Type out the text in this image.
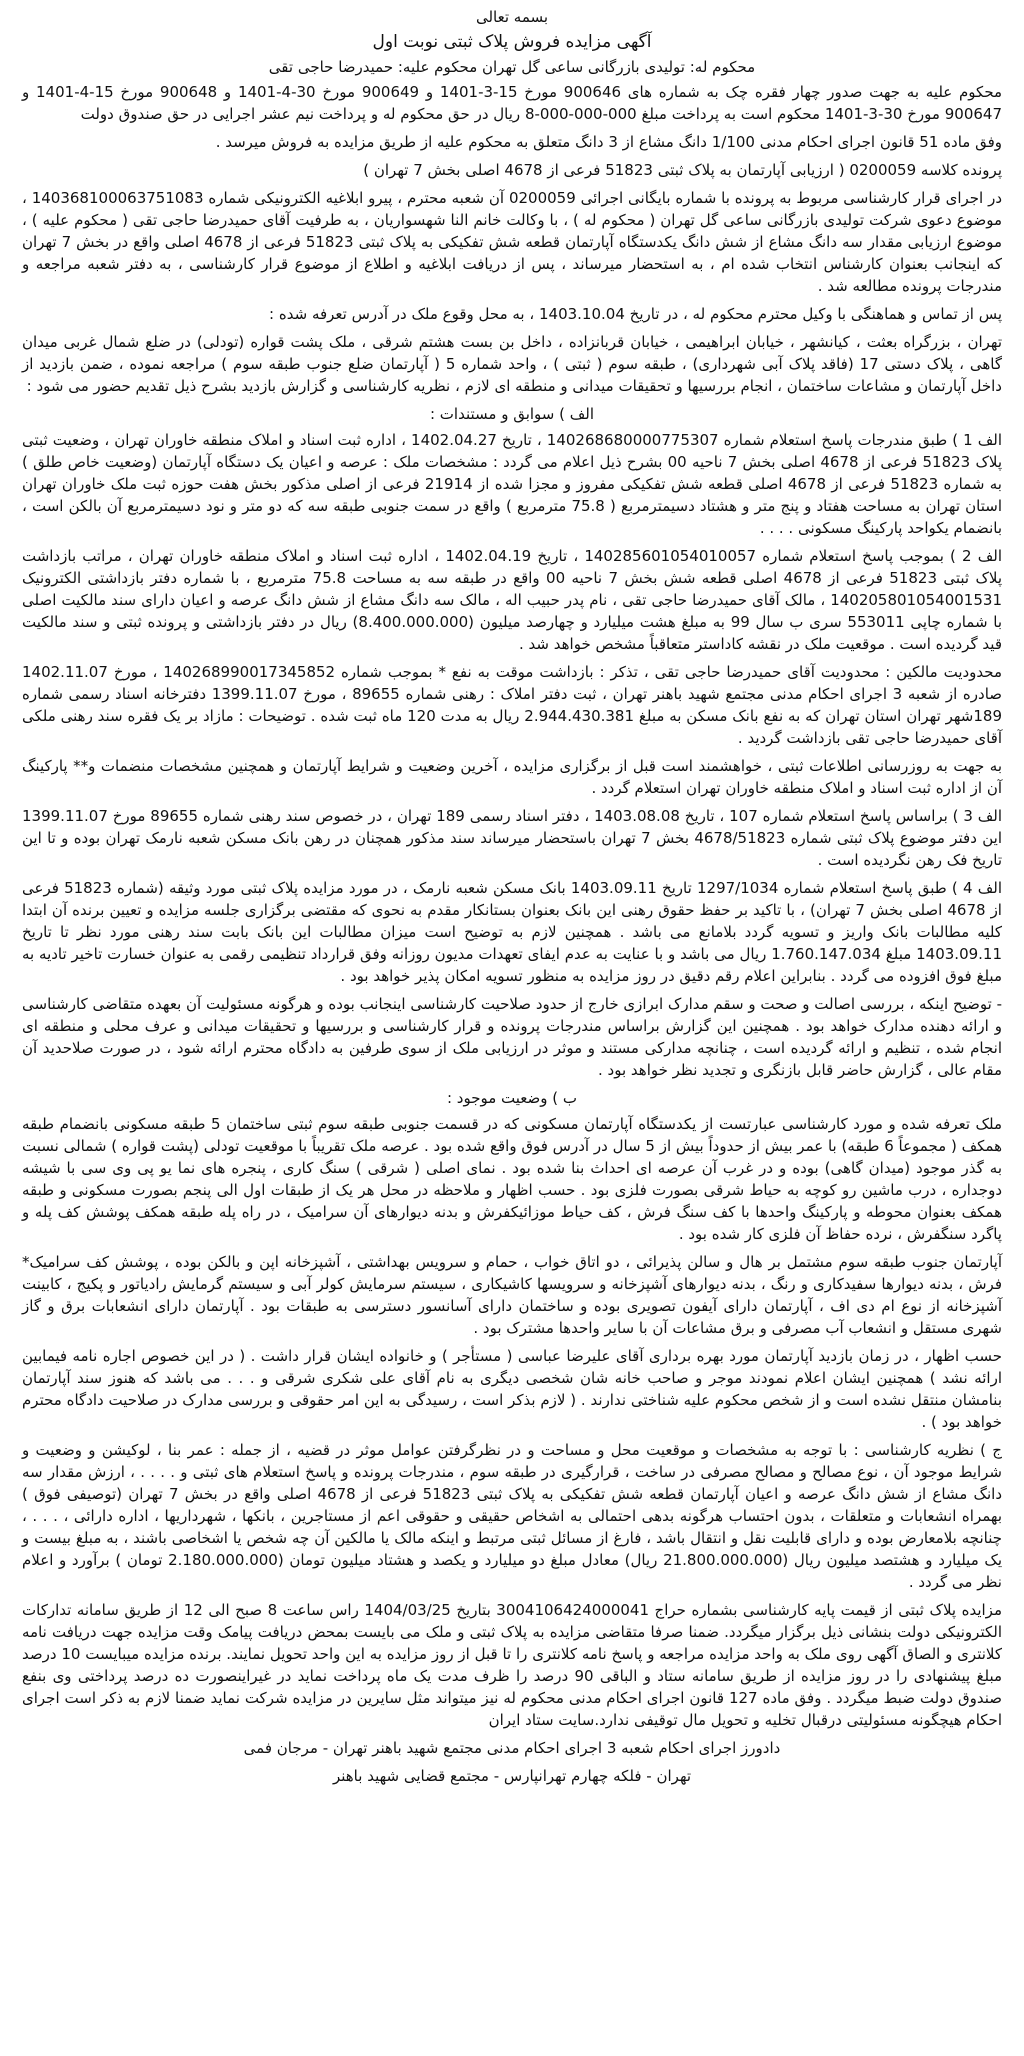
بسمه تعالی

آگهی مزایده فروش پلاک ثبتی نوبت اول

محکوم له: تولیدی بازرگانی ساعی گل تهران محکوم علیه: حمیدرضا حاجی تقی

محکوم علیه به جهت صدور چهار فقره چک به شماره های 900646 مورخ 15-3-1401 و 900649 مورخ 30-4-1401 و 900648 مورخ 15-4-1401 و 900647 مورخ 30-3-1401 محکوم است به پرداخت مبلغ 000-000-000-8 ریال در حق محکوم له و پرداخت نیم عشر اجرایی در حق صندوق دولت

وفق ماده 51 قانون اجرای احکام مدنی 1/100 دانگ مشاع از 3 دانگ متعلق به محکوم علیه از طریق مزایده به فروش میرسد .

پرونده کلاسه 0200059 ( ارزیابی آپارتمان به پلاک ثبتی 51823 فرعی از 4678 اصلی بخش 7 تهران )

در اجرای قرار کارشناسی مربوط به پرونده با شماره بایگانی اجرائی 0200059 آن شعبه محترم ، پیرو ابلاغیه الکترونیکی شماره 140368100063751083 ، موضوع دعوی شرکت تولیدی بازرگانی ساعی گل تهران ( محکوم له ) ، با وکالت خانم النا شهسواریان ، به طرفیت آقای حمیدرضا حاجی تقی ( محکوم علیه ) ، موضوع ارزیابی مقدار سه دانگ مشاع از شش دانگ یکدستگاه آپارتمان قطعه شش تفکیکی به پلاک ثبتی 51823 فرعی از 4678 اصلی واقع در بخش 7 تهران که اینجانب بعنوان کارشناس انتخاب شده ام ، به استحضار میرساند ، پس از دریافت ابلاغیه و اطلاع از موضوع قرار کارشناسی ، به دفتر شعبه مراجعه و مندرجات پرونده مطالعه شد .

پس از تماس و هماهنگی با وکیل محترم محکوم له ، در تاریخ 1403.10.04 ، به محل وقوع ملک در آدرس تعرفه شده :

تهران ، بزرگراه بعثت ، کیانشهر ، خیابان ابراهیمی ، خیابان قربانزاده ، داخل بن بست هشتم شرقی ، ملک پشت قواره (تودلی) در ضلع شمال غربی میدان گاهی ، پلاک دستی 17 (فاقد پلاک آبی شهرداری) ، طبقه سوم ( ثبتی ) ، واحد شماره 5 ( آپارتمان ضلع جنوب طبقه سوم ) مراجعه نموده ، ضمن بازدید از داخل آپارتمان و مشاعات ساختمان ، انجام بررسیها و تحقیقات میدانی و منطقه ای لازم ، نظریه کارشناسی و گزارش بازدید بشرح ذیل تقدیم حضور می شود :

الف ) سوابق و مستندات :

الف 1 ) طبق مندرجات پاسخ استعلام شماره 140268680000775307 ، تاریخ 1402.04.27 ، اداره ثبت اسناد و املاک منطقه خاوران تهران ، وضعیت ثبتی پلاک 51823 فرعی از 4678 اصلی بخش 7 ناحیه 00 بشرح ذیل اعلام می گردد : مشخصات ملک : عرصه و اعیان یک دستگاه آپارتمان (وضعیت خاص طلق ) به شماره 51823 فرعی از 4678 اصلی قطعه شش تفکیکی مفروز و مجزا شده از 21914 فرعی از اصلی مذکور بخش هفت حوزه ثبت ملک خاوران تهران استان تهران به مساحت هفتاد و پنج متر و هشتاد دسیمترمربع ( 75.8 مترمربع ) واقع در سمت جنوبی طبقه سه که دو متر و نود دسیمترمربع آن بالکن است ، بانضمام یکواحد پارکینگ مسکونی . . . .

الف 2 ) بموجب پاسخ استعلام شماره 140285601054010057 ، تاریخ 1402.04.19 ، اداره ثبت اسناد و املاک منطقه خاوران تهران ، مراتب بازداشت پلاک ثبتی 51823 فرعی از 4678 اصلی قطعه شش بخش 7 ناحیه 00 واقع در طبقه سه به مساحت 75.8 مترمربع ، با شماره دفتر بازداشتی الکترونیک 140205801054001531 ، مالک آقای حمیدرضا حاجی تقی ، نام پدر حبیب اله ، مالک سه دانگ مشاع از شش دانگ عرصه و اعیان دارای سند مالکیت اصلی با شماره چاپی 553011 سری ب سال 99 به مبلغ هشت میلیارد و چهارصد میلیون (8.400.000.000) ریال در دفتر بازداشتی و پرونده ثبتی و سند مالکیت قید گردیده است . موقعیت ملک در نقشه کاداستر متعاقباً مشخص خواهد شد .

محدودیت مالکین : محدودیت آقای حمیدرضا حاجی تقی ، تذکر : بازداشت موقت به نفع * بموجب شماره 140268990017345852 ، مورخ 1402.11.07 صادره از شعبه 3 اجرای احکام مدنی مجتمع شهید باهنر تهران ، ثبت دفتر املاک : رهنی شماره 89655 ، مورخ 1399.11.07 دفترخانه اسناد رسمی شماره 189شهر تهران استان تهران که به نفع بانک مسکن به مبلغ 2.944.430.381 ریال به مدت 120 ماه ثبت شده . توضیحات : مازاد بر یک فقره سند رهنی ملکی آقای حمیدرضا حاجی تقی بازداشت گردید .

به جهت به روزرسانی اطلاعات ثبتی ، خواهشمند است قبل از برگزاری مزایده ، آخرین وضعیت و شرایط آپارتمان و همچنین مشخصات منضمات و** پارکینگ آن از اداره ثبت اسناد و املاک منطقه خاوران تهران استعلام گردد .

الف 3 ) براساس پاسخ استعلام شماره 107 ، تاریخ 1403.08.08 ، دفتر اسناد رسمی 189 تهران ، در خصوص سند رهنی شماره 89655 مورخ 1399.11.07 این دفتر موضوع پلاک ثبتی شماره 4678/51823 بخش 7 تهران باستحضار میرساند سند مذکور همچنان در رهن بانک مسکن شعبه نارمک تهران بوده و تا این تاریخ فک رهن نگردیده است .

الف 4 ) طبق پاسخ استعلام شماره 1297/1034 تاریخ 1403.09.11 بانک مسکن شعبه نارمک ، در مورد مزایده پلاک ثبتی مورد وثیقه (شماره 51823 فرعی از 4678 اصلی بخش 7 تهران) ، با تاکید بر حفظ حقوق رهنی این بانک بعنوان بستانکار مقدم به نحوی که مقتضی برگزاری جلسه مزایده و تعیین برنده آن ابتدا کلیه مطالبات بانک واریز و تسویه گردد بلامانع می باشد . همچنین لازم به توضیح است میزان مطالبات این بانک بابت سند رهنی مورد نظر تا تاریخ 1403.09.11 مبلغ 1.760.147.034 ریال می باشد و با عنایت به عدم ایفای تعهدات مدیون روزانه وفق قرارداد تنظیمی رقمی به عنوان خسارت تاخیر تادیه به مبلغ فوق افزوده می گردد . بنابراین اعلام رقم دقیق در روز مزایده به منظور تسویه امکان پذیر خواهد بود .

- توضیح اینکه ، بررسی اصالت و صحت و سقم مدارک ابرازی خارج از حدود صلاحیت کارشناسی اینجانب بوده و هرگونه مسئولیت آن بعهده متقاضی کارشناسی و ارائه دهنده مدارک خواهد بود . همچنین این گزارش براساس مندرجات پرونده و قرار کارشناسی و بررسیها و تحقیقات میدانی و عرف محلی و منطقه ای انجام شده ، تنظیم و ارائه گردیده است ، چنانچه مدارکی مستند و موثر در ارزیابی ملک از سوی طرفین به دادگاه محترم ارائه شود ، در صورت صلاحدید آن مقام عالی ، گزارش حاضر قابل بازنگری و تجدید نظر خواهد بود .

ب ) وضعیت موجود :

ملک تعرفه شده و مورد کارشناسی عبارتست از یکدستگاه آپارتمان مسکونی که در قسمت جنوبی طبقه سوم ثبتی ساختمان 5 طبقه مسکونی بانضمام طبقه همکف ( مجموعاً 6 طبقه) با عمر بیش از حدوداً بیش از 5 سال در آدرس فوق واقع شده بود . عرصه ملک تقریباً با موقعیت تودلی (پشت قواره ) شمالی نسبت به گذر موجود (میدان گاهی) بوده و در غرب آن عرصه ای احداث بنا شده بود . نمای اصلی ( شرقی ) سنگ کاری ، پنجره های نما یو پی وی سی با شیشه دوجداره ، درب ماشین رو کوچه به حیاط شرقی بصورت فلزی بود . حسب اظهار و ملاحظه در محل هر یک از طبقات اول الی پنجم بصورت مسکونی و طبقه همکف بعنوان محوطه و پارکینگ واحدها با کف سنگ فرش ، کف حیاط موزائیکفرش و بدنه دیوارهای آن سرامیک ، در راه پله طبقه همکف پوشش کف پله و پاگرد سنگفرش ، نرده حفاظ آن فلزی کار شده بود .

آپارتمان جنوب طبقه سوم مشتمل بر هال و سالن پذیرائی ، دو اتاق خواب ، حمام و سرویس بهداشتی ، آشپزخانه اپن و بالکن بوده ، پوشش کف سرامیک* فرش ، بدنه دیوارها سفیدکاری و رنگ ، بدنه دیوارهای آشپزخانه و سرویسها کاشیکاری ، سیستم سرمایش کولر آبی و سیستم گرمایش رادیاتور و پکیج ، کابینت آشپزخانه از نوع ام دی اف ، آپارتمان دارای آیفون تصویری بوده و ساختمان دارای آسانسور دسترسی به طبقات بود . آپارتمان دارای انشعابات برق و گاز شهری مستقل و انشعاب آب مصرفی و برق مشاعات آن با سایر واحدها مشترک بود .

حسب اظهار ، در زمان بازدید آپارتمان مورد بهره برداری آقای علیرضا عباسی ( مستأجر ) و خانواده ایشان قرار داشت . ( در این خصوص اجاره نامه فیمابین ارائه نشد ) همچنین ایشان اعلام نمودند موجر و صاحب خانه شان شخصی دیگری به نام آقای علی شکری شرقی و . . . می باشد که هنوز سند آپارتمان بنامشان منتقل نشده است و از شخص محکوم علیه شناختی ندارند . ( لازم بذکر است ، رسیدگی به این امر حقوقی و بررسی مدارک در صلاحیت دادگاه محترم خواهد بود ) .

ج ) نظریه کارشناسی : با توجه به مشخصات و موقعیت محل و مساحت و در نظرگرفتن عوامل موثر در قضیه ، از جمله : عمر بنا ، لوکیشن و وضعیت و شرایط موجود آن ، نوع مصالح و مصالح مصرفی در ساخت ، قرارگیری در طبقه سوم ، مندرجات پرونده و پاسخ استعلام های ثبتی و . . . . ، ارزش مقدار سه دانگ مشاع از شش دانگ عرصه و اعیان آپارتمان قطعه شش تفکیکی به پلاک ثبتی 51823 فرعی از 4678 اصلی واقع در بخش 7 تهران (توصیفی فوق ) بهمراه انشعابات و متعلقات ، بدون احتساب هرگونه بدهی احتمالی به اشخاص حقیقی و حقوقی اعم از مستاجرین ، بانکها ، شهرداریها ، اداره دارائی ، . . . ، چنانچه بلامعارض بوده و دارای قابلیت نقل و انتقال باشد ، فارغ از مسائل ثبتی مرتبط و اینکه مالک یا مالکین آن چه شخص یا اشخاصی باشند ، به مبلغ بیست و یک میلیارد و هشتصد میلیون ریال (21.800.000.000 ریال) معادل مبلغ دو میلیارد و یکصد و هشتاد میلیون تومان (2.180.000.000 تومان ) برآورد و اعلام نظر می گردد .

مزایده پلاک ثبتی از قیمت پایه کارشناسی بشماره حراج 3004106424000041 بتاریخ 1404/03/25 راس ساعت 8 صبح الی 12 از طریق سامانه تدارکات الکترونیکی دولت بنشانی ذیل برگزار میگردد. ضمنا صرفا متقاضی مزایده به پلاک ثبتی و ملک می بایست بمحض دریافت پیامک وقت مزایده جهت دریافت نامه کلانتری و الصاق آگهی روی ملک به واحد مزایده مراجعه و پاسخ نامه کلانتری را تا قبل از روز مزایده به این واحد تحویل نمایند. برنده مزایده میبایست 10 درصد مبلغ پیشنهادی را در روز مزایده از طریق سامانه ستاد و الباقی 90 درصد را ظرف مدت یک ماه پرداخت نماید در غیراینصورت ده درصد پرداختی وی بنفع صندوق دولت ضبط میگردد . وفق ماده 127 قانون اجرای احکام مدنی محکوم له نیز میتواند مثل سایرین در مزایده شرکت نماید ضمنا لازم به ذکر است اجرای احکام هیچگونه مسئولیتی درقبال تخلیه و تحویل مال توقیفی ندارد.سایت ستاد ایران

دادورز اجرای احکام شعبه 3 اجرای احکام مدنی مجتمع شهید باهنر تهران - مرجان فمی

تهران - فلکه چهارم تهرانپارس - مجتمع قضایی شهید باهنر
